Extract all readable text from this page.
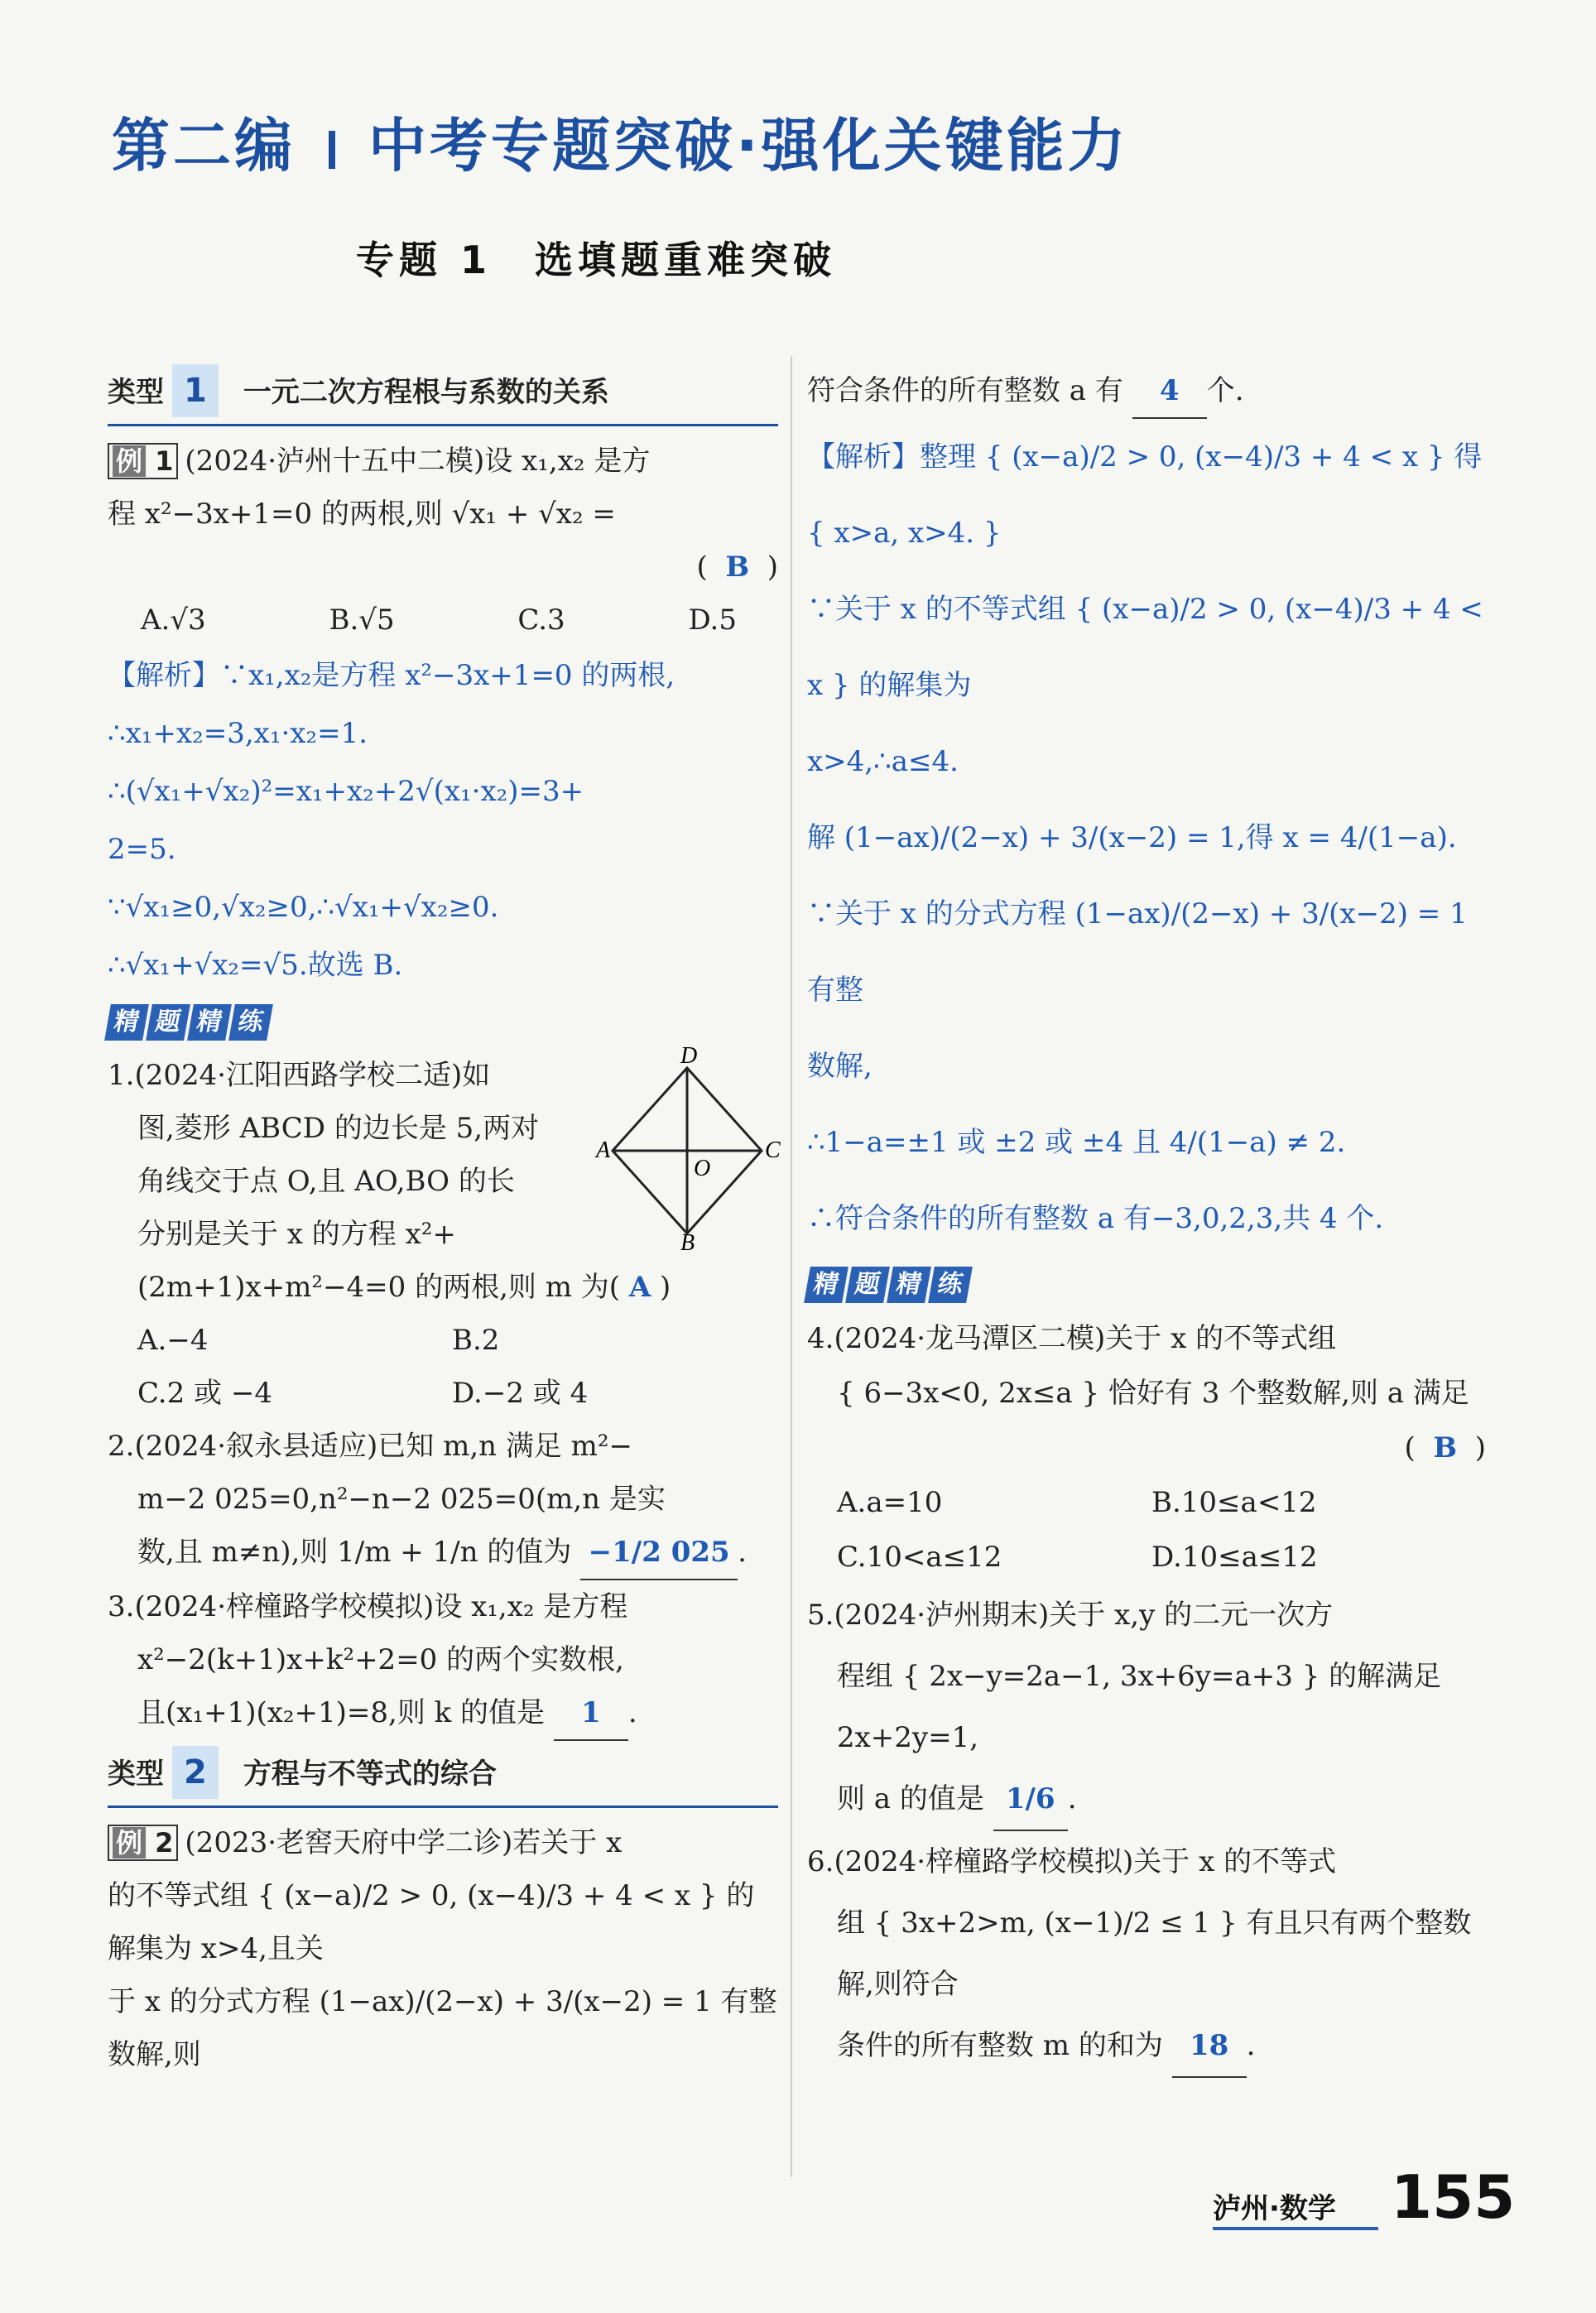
第二编 中考专题突破·强化关键能力
专题 1　选填题重难突破
类型 1 一元二次方程根与系数的关系

例 1 (2024·泸州十五中二模)设 x₁,x₂ 是方

程 x²−3x+1=0 的两根,则 √x₁ + √x₂ =

(  B  )

A.√3	B.√5	C.3	D.5

【解析】∵x₁,x₂是方程 x²−3x+1=0 的两根,

∴x₁+x₂=3,x₁·x₂=1.

∴(√x₁+√x₂)²=x₁+x₂+2√(x₁·x₂)=3+

2=5.

∵√x₁≥0,√x₂≥0,∴√x₁+√x₂≥0.

∴√x₁+√x₂=√5.故选 B.

精 题 精 练

1.(2024·江阳西路学校二适)如

图,菱形 ABCD 的边长是 5,两对

角线交于点 O,且 AO,BO 的长

分别是关于 x 的方程 x²+

(2m+1)x+m²−4=0 的两根,则 m 为( A )

A.−4	B.2
C.2 或 −4	D.−2 或 4

2.(2024·叙永县适应)已知 m,n 满足 m²−

m−2 025=0,n²−n−2 025=0(m,n 是实

数,且 m≠n),则 1/m + 1/n 的值为 −1/2 025 .

3.(2024·梓橦路学校模拟)设 x₁,x₂ 是方程

x²−2(k+1)x+k²+2=0 的两个实数根,

且(x₁+1)(x₂+1)=8,则 k 的值是 1 .

类型 2 方程与不等式的综合

例 2 (2023·老窖天府中学二诊)若关于 x

的不等式组 { (x−a)/2 > 0, (x−4)/3 + 4 < x } 的解集为 x>4,且关

于 x 的分式方程 (1−ax)/(2−x) + 3/(x−2) = 1 有整数解,则

D
A	C
O
B

符合条件的所有整数 a 有 4 个.

【解析】整理 { (x−a)/2 > 0, (x−4)/3 + 4 < x } 得 { x>a, x>4. }

∵关于 x 的不等式组 { (x−a)/2 > 0, (x−4)/3 + 4 < x } 的解集为

x>4,∴a≤4.

解 (1−ax)/(2−x) + 3/(x−2) = 1,得 x = 4/(1−a).

∵关于 x 的分式方程 (1−ax)/(2−x) + 3/(x−2) = 1 有整

数解,

∴1−a=±1 或 ±2 或 ±4 且 4/(1−a) ≠ 2.

∴符合条件的所有整数 a 有−3,0,2,3,共 4 个.

精 题 精 练

4.(2024·龙马潭区二模)关于 x 的不等式组

{ 6−3x<0, 2x≤a } 恰好有 3 个整数解,则 a 满足

(  B  )

A.a=10	B.10≤a<12
C.10<a≤12	D.10≤a≤12

5.(2024·泸州期末)关于 x,y 的二元一次方

程组 { 2x−y=2a−1, 3x+6y=a+3 } 的解满足 2x+2y=1,

则 a 的值是 1/6 .

6.(2024·梓橦路学校模拟)关于 x 的不等式

组 { 3x+2>m, (x−1)/2 ≤ 1 } 有且只有两个整数解,则符合

条件的所有整数 m 的和为 18 .

泸州·数学 155
